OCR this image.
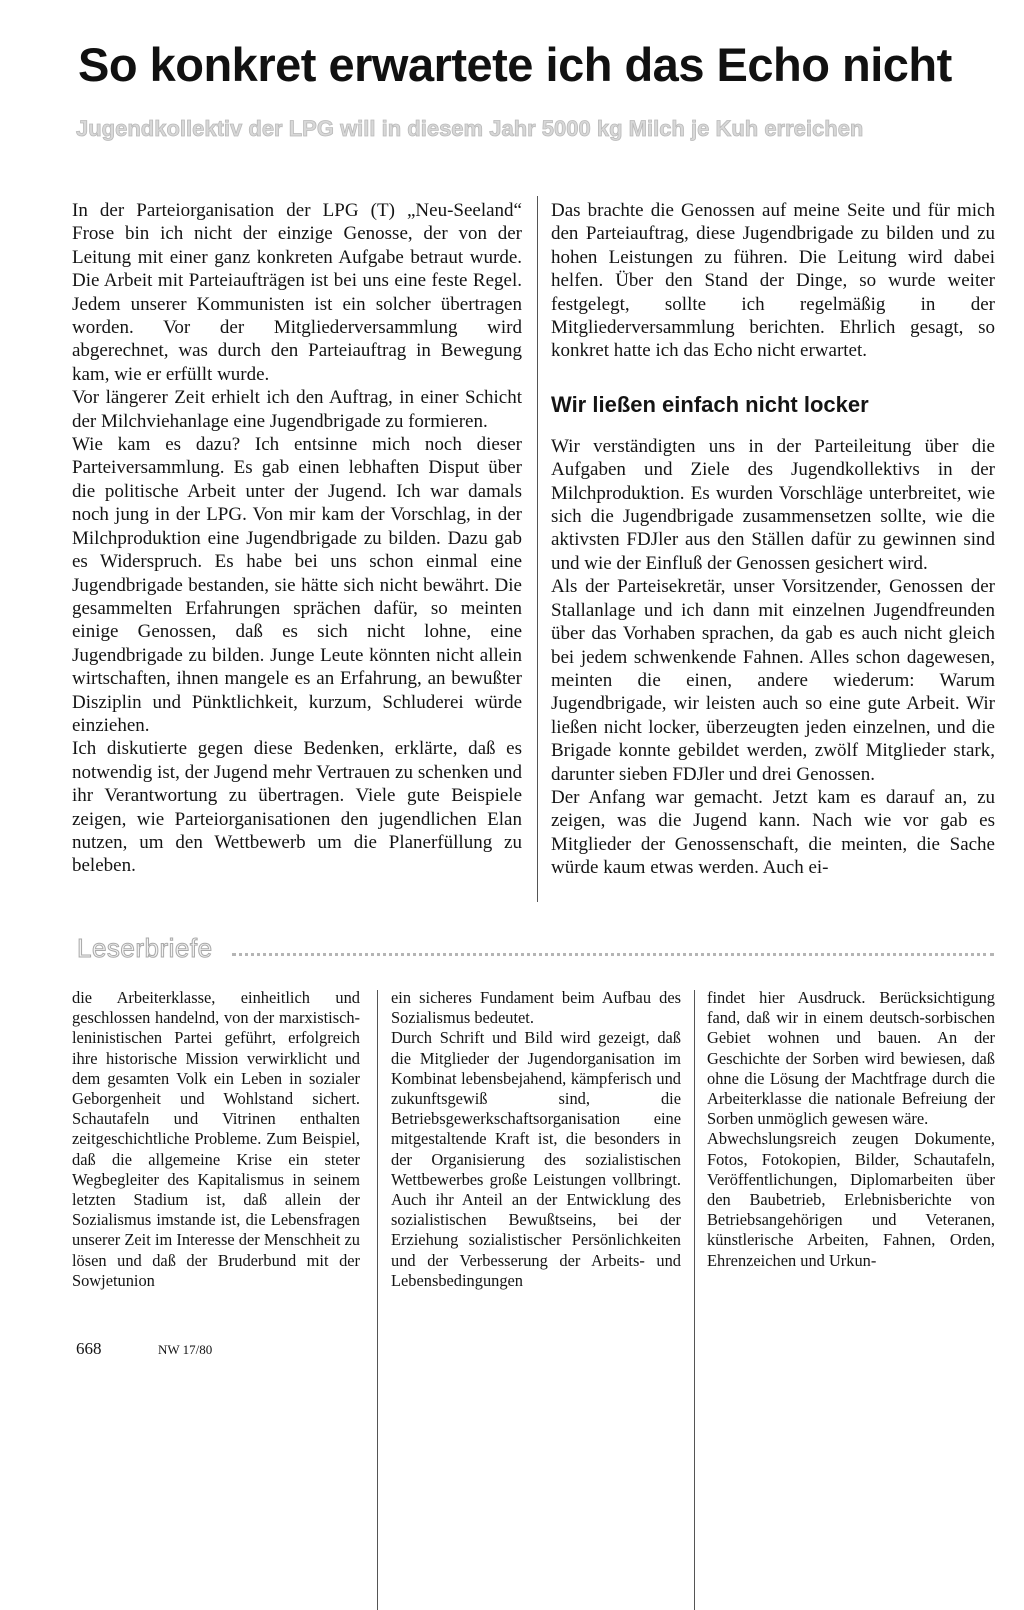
So konkret erwartete ich das Echo nicht
Jugendkollektiv der LPG will in diesem Jahr 5000 kg Milch je Kuh erreichen

In der Parteiorganisation der LPG (T) „Neu-Seeland“ Frose bin ich nicht der einzige Genosse, der von der Leitung mit einer ganz konkreten Aufgabe betraut wurde. Die Arbeit mit Parteiaufträgen ist bei uns eine feste Regel. Jedem unserer Kommunisten ist ein solcher übertragen worden. Vor der Mitgliederversammlung wird abgerechnet, was durch den Parteiauftrag in Bewegung kam, wie er erfüllt wurde.

Vor längerer Zeit erhielt ich den Auftrag, in einer Schicht der Milchviehanlage eine Jugendbrigade zu formieren.

Wie kam es dazu? Ich entsinne mich noch dieser Parteiversammlung. Es gab einen lebhaften Disput über die politische Arbeit unter der Jugend. Ich war damals noch jung in der LPG. Von mir kam der Vorschlag, in der Milchproduktion eine Jugendbrigade zu bilden. Dazu gab es Widerspruch. Es habe bei uns schon einmal eine Jugendbrigade bestanden, sie hätte sich nicht bewährt. Die gesammelten Erfahrungen sprächen dafür, so meinten einige Genossen, daß es sich nicht lohne, eine Jugendbrigade zu bilden. Junge Leute könnten nicht allein wirtschaften, ihnen mangele es an Erfahrung, an bewußter Disziplin und Pünktlichkeit, kurzum, Schluderei würde einziehen.

Ich diskutierte gegen diese Bedenken, erklärte, daß es notwendig ist, der Jugend mehr Vertrauen zu schenken und ihr Verantwortung zu übertragen. Viele gute Beispiele zeigen, wie Parteiorganisationen den jugendlichen Elan nutzen, um den Wettbewerb um die Planerfüllung zu beleben.

Das brachte die Genossen auf meine Seite und für mich den Parteiauftrag, diese Jugendbrigade zu bilden und zu hohen Leistungen zu führen. Die Leitung wird dabei helfen. Über den Stand der Dinge, so wurde weiter festgelegt, sollte ich regelmäßig in der Mitgliederversammlung berichten. Ehrlich gesagt, so konkret hatte ich das Echo nicht erwartet.

Wir ließen einfach nicht locker

Wir verständigten uns in der Parteileitung über die Aufgaben und Ziele des Jugendkollektivs in der Milchproduktion. Es wurden Vorschläge unterbreitet, wie sich die Jugendbrigade zusammensetzen sollte, wie die aktivsten FDJler aus den Ställen dafür zu gewinnen sind und wie der Einfluß der Genossen gesichert wird.

Als der Parteisekretär, unser Vorsitzender, Genossen der Stallanlage und ich dann mit einzelnen Jugendfreunden über das Vorhaben sprachen, da gab es auch nicht gleich bei jedem schwenkende Fahnen. Alles schon dagewesen, meinten die einen, andere wiederum: Warum Jugendbrigade, wir leisten auch so eine gute Arbeit. Wir ließen nicht locker, überzeugten jeden einzelnen, und die Brigade konnte gebildet werden, zwölf Mitglieder stark, darunter sieben FDJler und drei Genossen.

Der Anfang war gemacht. Jetzt kam es darauf an, zu zeigen, was die Jugend kann. Nach wie vor gab es Mitglieder der Genossenschaft, die meinten, die Sache würde kaum etwas werden. Auch ei-

Leserbriefe

die Arbeiterklasse, einheitlich und geschlossen handelnd, von der marxistisch-leninistischen Partei geführt, erfolgreich ihre historische Mission verwirklicht und dem gesamten Volk ein Leben in sozialer Geborgenheit und Wohlstand sichert. Schautafeln und Vitrinen enthalten zeitgeschichtliche Probleme. Zum Beispiel, daß die allgemeine Krise ein steter Wegbegleiter des Kapitalismus in seinem letzten Stadium ist, daß allein der Sozialismus imstande ist, die Lebensfragen unserer Zeit im Interesse der Menschheit zu lösen und daß der Bruderbund mit der Sowjetunion

ein sicheres Fundament beim Aufbau des Sozialismus bedeutet.

Durch Schrift und Bild wird gezeigt, daß die Mitglieder der Jugendorganisation im Kombinat lebensbejahend, kämpferisch und zukunftsgewiß sind, die Betriebsgewerkschaftsorganisation eine mitgestaltende Kraft ist, die besonders in der Organisierung des sozialistischen Wettbewerbes große Leistungen vollbringt. Auch ihr Anteil an der Entwicklung des sozialistischen Bewußtseins, bei der Erziehung sozialistischer Persönlichkeiten und der Verbesserung der Arbeits- und Lebensbedingungen

findet hier Ausdruck. Berücksichtigung fand, daß wir in einem deutsch-sorbischen Gebiet wohnen und bauen. An der Geschichte der Sorben wird bewiesen, daß ohne die Lösung der Machtfrage durch die Arbeiterklasse die nationale Befreiung der Sorben unmöglich gewesen wäre.

Abwechslungsreich zeugen Dokumente, Fotos, Fotokopien, Bilder, Schautafeln, Veröffentlichungen, Diplomarbeiten über den Baubetrieb, Erlebnisberichte von Betriebsangehörigen und Veteranen, künstlerische Arbeiten, Fahnen, Orden, Ehrenzeichen und Urkun-

668	NW 17/80
